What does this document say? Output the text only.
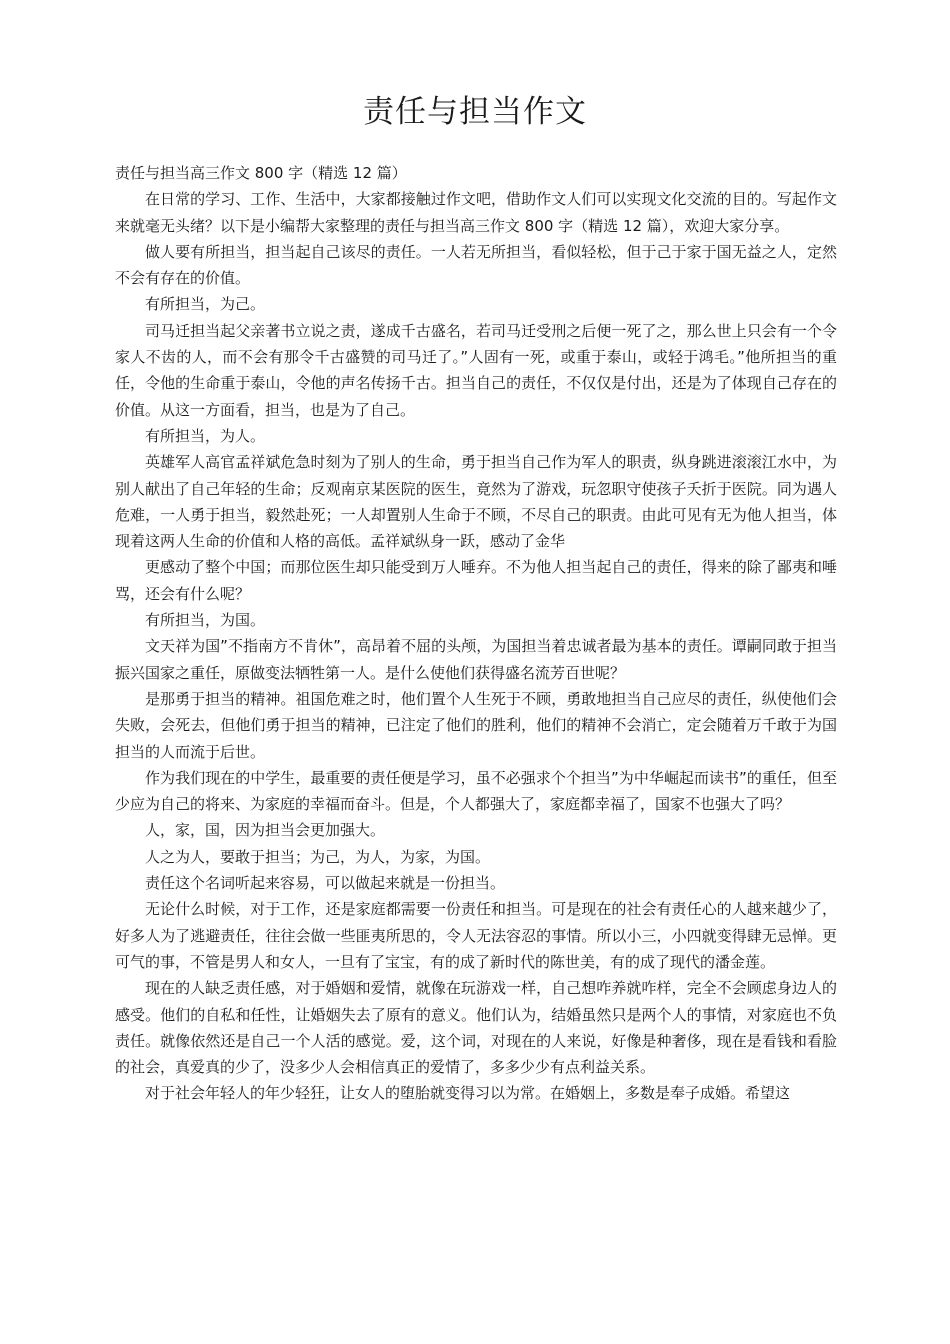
责任与担当作文

责任与担当高三作文 800 字（精选 12 篇）

在日常的学习、工作、生活中，大家都接触过作文吧，借助作文人们可以实现文化交流的目的。写起作文来就毫无头绪？以下是小编帮大家整理的责任与担当高三作文 800 字（精选 12 篇），欢迎大家分享。

做人要有所担当，担当起自己该尽的责任。一人若无所担当，看似轻松，但于己于家于国无益之人，定然不会有存在的价值。

有所担当，为己。

司马迁担当起父亲著书立说之责，遂成千古盛名，若司马迁受刑之后便一死了之，那么世上只会有一个令家人不齿的人，而不会有那令千古盛赞的司马迁了。”人固有一死，或重于泰山，或轻于鸿毛。”他所担当的重任，令他的生命重于泰山，令他的声名传扬千古。担当自己的责任，不仅仅是付出，还是为了体现自己存在的价值。从这一方面看，担当，也是为了自己。

有所担当，为人。

英雄军人高官孟祥斌危急时刻为了别人的生命，勇于担当自己作为军人的职责，纵身跳进滚滚江水中，为别人献出了自己年轻的生命；反观南京某医院的医生，竟然为了游戏，玩忽职守使孩子夭折于医院。同为遇人危难，一人勇于担当，毅然赴死；一人却置别人生命于不顾，不尽自己的职责。由此可见有无为他人担当，体现着这两人生命的价值和人格的高低。孟祥斌纵身一跃，感动了金华

更感动了整个中国；而那位医生却只能受到万人唾弃。不为他人担当起自己的责任，得来的除了鄙夷和唾骂，还会有什么呢？

有所担当，为国。

文天祥为国”不指南方不肯休”，高昂着不屈的头颅，为国担当着忠诚者最为基本的责任。谭嗣同敢于担当振兴国家之重任，原做变法牺牲第一人。是什么使他们获得盛名流芳百世呢？

是那勇于担当的精神。祖国危难之时，他们置个人生死于不顾，勇敢地担当自己应尽的责任，纵使他们会失败，会死去，但他们勇于担当的精神，已注定了他们的胜利，他们的精神不会消亡，定会随着万千敢于为国担当的人而流于后世。

作为我们现在的中学生，最重要的责任便是学习，虽不必强求个个担当”为中华崛起而读书”的重任，但至少应为自己的将来、为家庭的幸福而奋斗。但是，个人都强大了，家庭都幸福了，国家不也强大了吗？

人，家，国，因为担当会更加强大。

人之为人，要敢于担当；为己，为人，为家，为国。

责任这个名词听起来容易，可以做起来就是一份担当。

无论什么时候，对于工作，还是家庭都需要一份责任和担当。可是现在的社会有责任心的人越来越少了，好多人为了逃避责任，往往会做一些匪夷所思的，令人无法容忍的事情。所以小三，小四就变得肆无忌惮。更可气的事，不管是男人和女人，一旦有了宝宝，有的成了新时代的陈世美，有的成了现代的潘金莲。

现在的人缺乏责任感，对于婚姻和爱情，就像在玩游戏一样，自己想咋养就咋样，完全不会顾虑身边人的感受。他们的自私和任性，让婚姻失去了原有的意义。他们认为，结婚虽然只是两个人的事情，对家庭也不负责任。就像依然还是自己一个人活的感觉。爱，这个词，对现在的人来说，好像是种奢侈，现在是看钱和看脸的社会，真爱真的少了，没多少人会相信真正的爱情了，多多少少有点利益关系。

对于社会年轻人的年少轻狂，让女人的堕胎就变得习以为常。在婚姻上，多数是奉子成婚。希望这
